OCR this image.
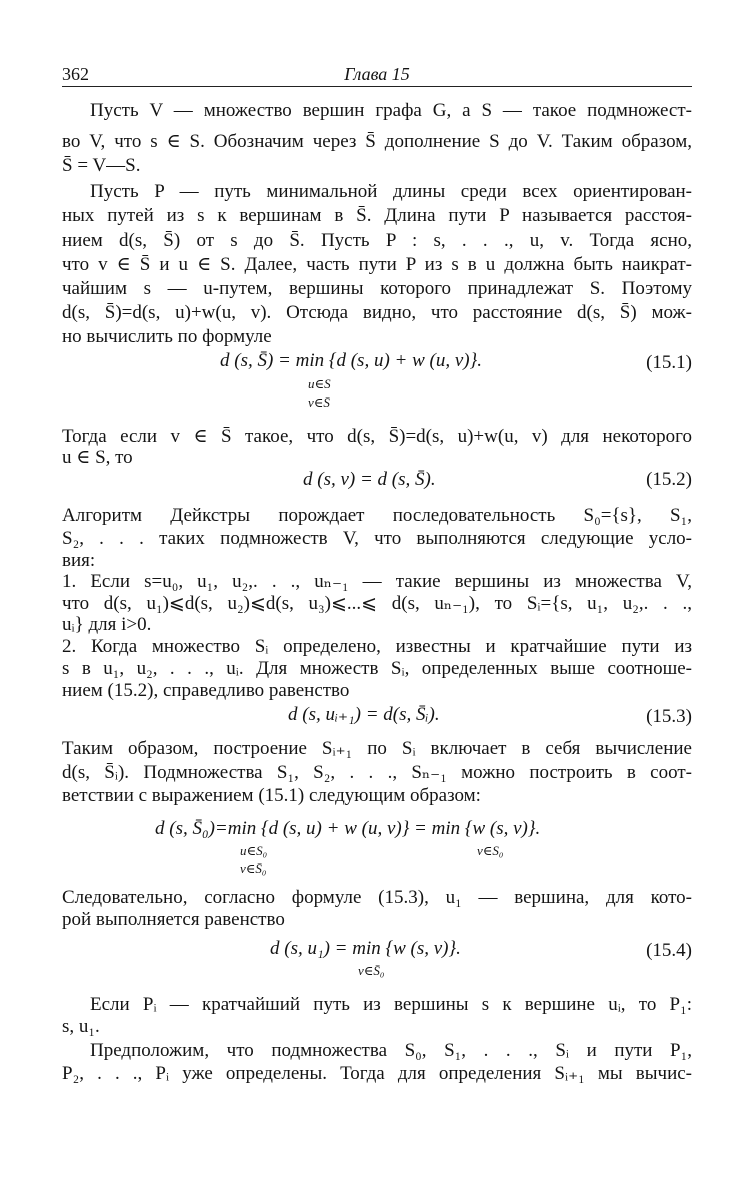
362	Глава 15
Пусть V — множество вершин графа G, а S — такое подмножест-
во V, что s ∈ S. Обозначим через S̄ дополнение S до V. Таким образом,
S̄ = V—S.
Пусть P — путь минимальной длины среди всех ориентирован-
ных путей из s к вершинам в S̄. Длина пути P называется расстоя-
нием d(s, S̄) от s до S̄. Пусть P : s, . . ., u, v. Тогда ясно,
что v ∈ S̄ и u ∈ S. Далее, часть пути P из s в u должна быть наикрат-
чайшим s — u-путем, вершины которого принадлежат S. Поэтому
d(s, S̄)=d(s, u)+w(u, v). Отсюда видно, что расстояние d(s, S̄) мож-
но вычислить по формуле
d (s, S̄) = min {d (s, u) + w (u, v)}.
u∈S
v∈S̄
(15.1)
Тогда если v ∈ S̄ такое, что d(s, S̄)=d(s, u)+w(u, v) для некоторого
u ∈ S, то
d (s, v) = d (s, S̄).	(15.2)
Алгоритм Дейкстры порождает последовательность S₀={s}, S₁,
S₂, . . . таких подмножеств V, что выполняются следующие усло-
вия:
1. Если s=u₀, u₁, u₂,. . ., uₙ₋₁ — такие вершины из множества V,
что d(s, u₁)⩽d(s, u₂)⩽d(s, u₃)⩽...⩽ d(s, uₙ₋₁), то Sᵢ={s, u₁, u₂,. . .,
uᵢ} для i>0.
2. Когда множество Sᵢ определено, известны и кратчайшие пути из
s в u₁, u₂, . . ., uᵢ. Для множеств Sᵢ, определенных выше соотноше-
нием (15.2), справедливо равенство
d (s, uᵢ₊₁) = d(s, S̄ᵢ).	(15.3)
Таким образом, построение Sᵢ₊₁ по Sᵢ включает в себя вычисление
d(s, S̄ᵢ). Подмножества S₁, S₂, . . ., Sₙ₋₁ можно построить в соот-
ветствии с выражением (15.1) следующим образом:
d (s, S̄₀)=min {d (s, u) + w (u, v)} = min {w (s, v)}.
u∈S₀
v∈S̄₀
v∈S₀
Следовательно, согласно формуле (15.3), u₁ — вершина, для кото-
рой выполняется равенство
d (s, u₁) = min {w (s, v)}.
v∈S̄₀
(15.4)
Если Pᵢ — кратчайший путь из вершины s к вершине uᵢ, то P₁:
s, u₁.
Предположим, что подмножества S₀, S₁, . . ., Sᵢ и пути P₁,
P₂, . . ., Pᵢ уже определены. Тогда для определения Sᵢ₊₁ мы вычис-
